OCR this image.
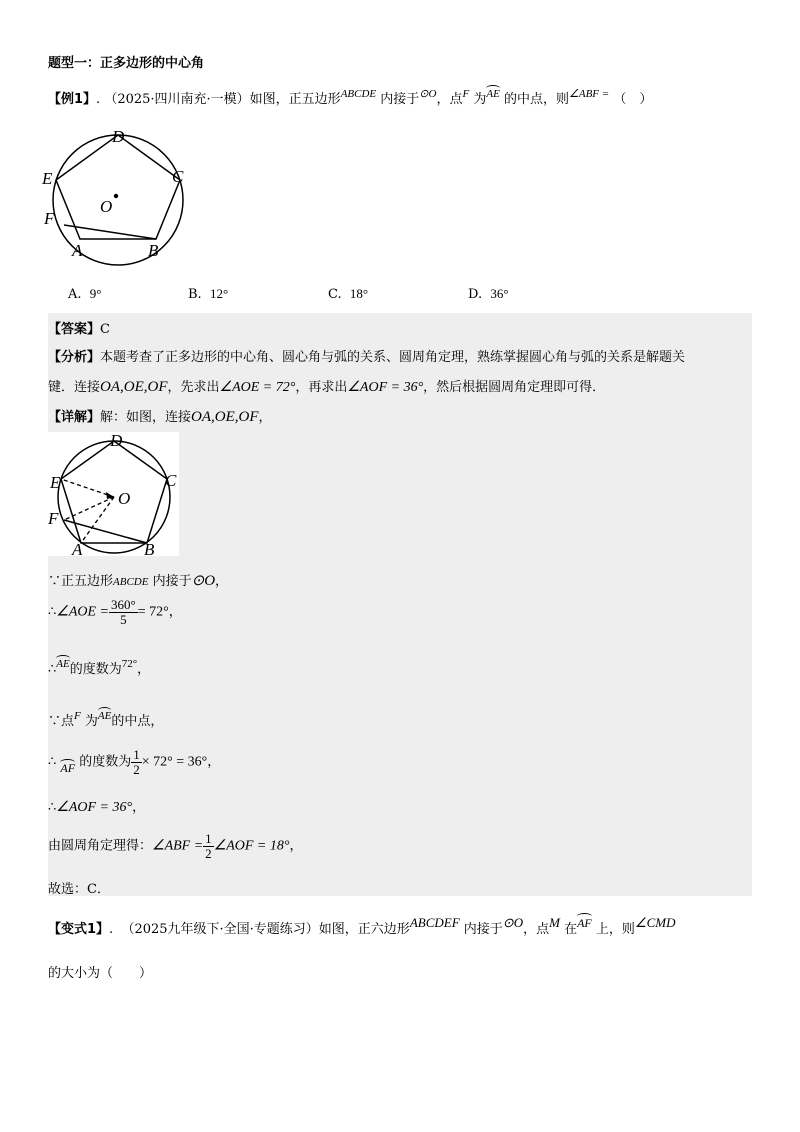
题型一：正多边形的中心角
【例1】. （2025·四川南充·一模）如图，正五边形$^{ABCDE}$ 内接于$^{⊙O}$，点$^F$ 为AE 的中点，则$^{\angle ABF =}$ （　）
D
E	C
F
O
A	B
A. 9°	B. 12°	C. 18°	D. 36°
【答案】C
【分析】本题考查了正多边形的中心角、圆心角与弧的关系、圆周角定理，熟练掌握圆心角与弧的关系是解题关
键．连接OA,OE,OF，先求出∠AOE = 72°，再求出∠AOF = 36°，然后根据圆周角定理即可得．
【详解】解：如图，连接OA,OE,OF，
D
E	C
F
O
A	B
∵正五边形ABCDE 内接于⊙O，
∴∠AOE = $\frac{360^\circ}{5} = 72^\circ$，
∴AE的度数为$^{72^\circ}$，
∵点$^F$ 为AE的中点，
∴ AF 的度数为 $\frac{1}{2} \times 72^\circ = 36^\circ$，
∴∠AOF = 36°，
由圆周角定理得：∠ABF = $\frac{1}{2}$ ∠AOF = 18°，
故选：C．
【变式1】. （2025九年级下·全国·专题练习）如图，正六边形ABCDEF 内接于⊙O，点M 在AF 上，则∠CMD
的大小为（　　）
